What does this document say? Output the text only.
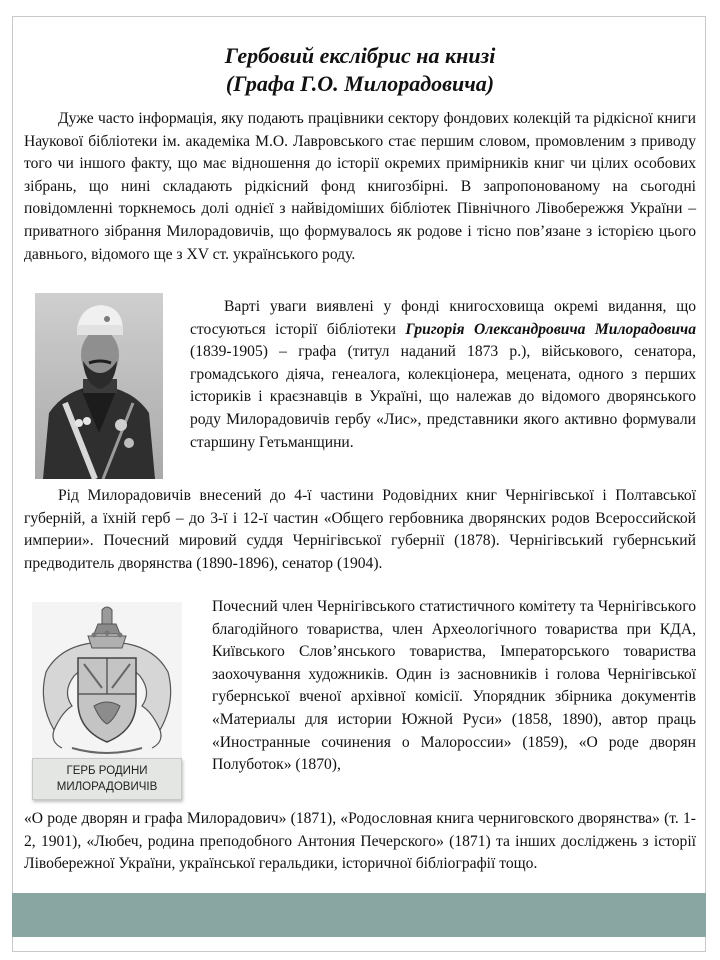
Гербовий екслібрис на книзі
(Графа Г.О. Милорадовича)

Дуже часто інформація, яку подають працівники сектору фондових колекцій та рідкісної книги Наукової бібліотеки ім. академіка М.О. Лавровського стає першим словом, промовленим з приводу того чи іншого факту, що має відношення до історії окремих примірників книг чи цілих особових зібрань, що нині складають рідкісний фонд книгозбірні. В запропонованому на сьогодні повідомленні торкнемось долі однієї з найвідоміших бібліотек Північного Лівобережжя України – приватного зібрання Милорадовичів, що формувалось як родове і тісно пов’язане з історією цього давнього, відомого ще з XV ст. українського роду.

Варті уваги виявлені у фонді книгосховища окремі видання, що стосуються історії бібліотеки Григорія Олександровича Милорадовича (1839-1905) – графа (титул наданий 1873 р.), військового, сенатора, громадського діяча, генеалога, колекціонера, мецената, одного з перших істориків і краєзнавців в Україні, що належав до відомого дворянського роду Милорадовичів гербу «Лис», представники якого активно формували старшину Гетьманщини.

Рід Милорадовичів внесений до 4-ї частини Родовідних книг Чернігівської і Полтавської губерній, а їхній герб – до 3-ї і 12-ї частин «Общего гербовника дворянских родов Всероссийской империи». Почесний мировий суддя Чернігівської губернії (1878). Чернігівський губернський предводитель дворянства (1890-1896), сенатор (1904).

ГЕРБ РОДИНИ
МИЛОРАДОВИЧІВ

Почесний член Чернігівського статистичного комітету та Чернігівського благодійного товариства, член Археологічного товариства при КДА, Київського Слов’янського товариства, Імператорського товариства заохочування художників. Один із засновників і голова Чернігівської губернської вченої архівної комісії. Упорядник збірника документів «Материалы для истории Южной Руси» (1858, 1890), автор праць «Иностранные сочинения о Малороссии» (1859), «О роде дворян Полуботок» (1870),

«О роде дворян и графа Милорадович» (1871), «Родословная книга черниговского дворянства» (т. 1-2, 1901), «Любеч, родина преподобного Антония Печерского» (1871) та інших досліджень з історії Лівобережної України, української геральдики, історичної бібліографії тощо.
